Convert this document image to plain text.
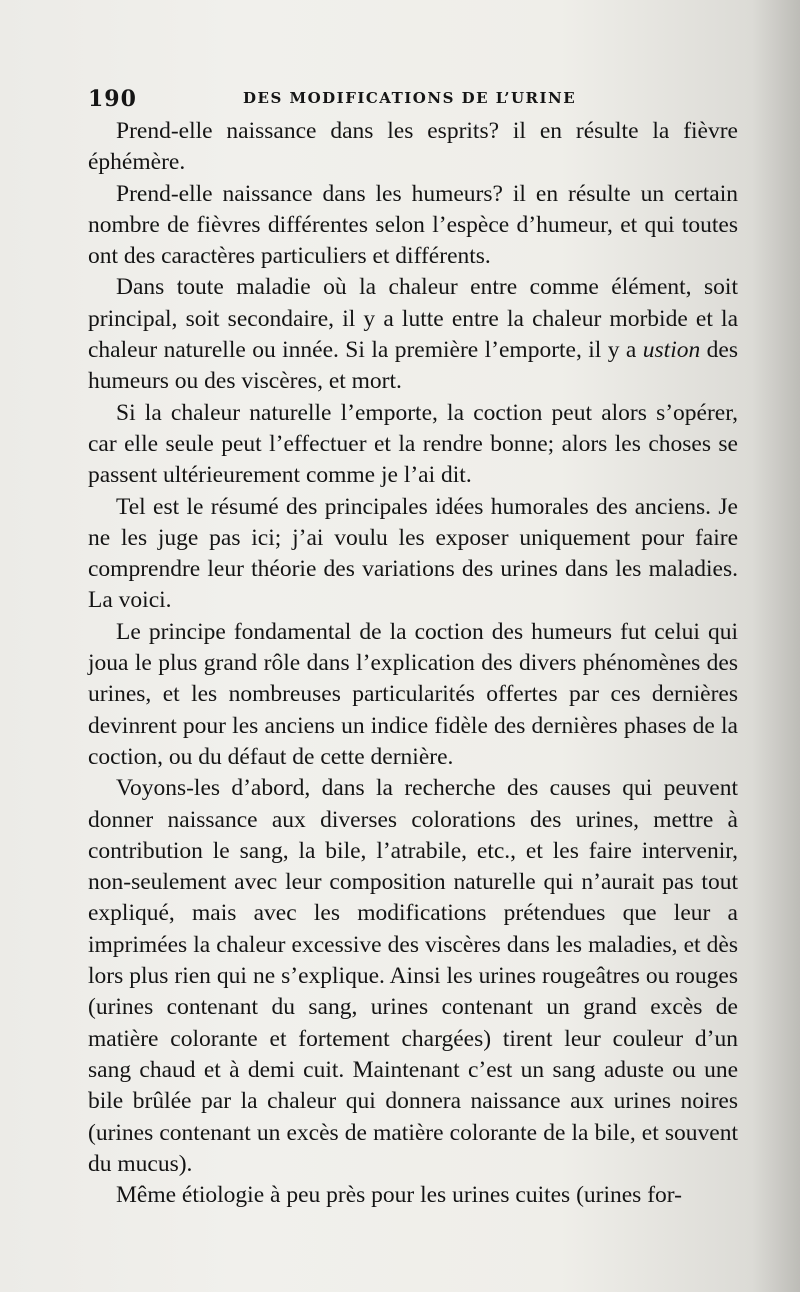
190	DES MODIFICATIONS DE L’URINE

Prend-elle naissance dans les esprits? il en résulte la fièvre éphémère.

Prend-elle naissance dans les humeurs? il en résulte un certain nombre de fièvres différentes selon l’espèce d’humeur, et qui toutes ont des caractères particuliers et différents.

Dans toute maladie où la chaleur entre comme élément, soit principal, soit secondaire, il y a lutte entre la chaleur morbide et la chaleur naturelle ou innée. Si la première l’emporte, il y a ustion des humeurs ou des viscères, et mort.

Si la chaleur naturelle l’emporte, la coction peut alors s’opérer, car elle seule peut l’effectuer et la rendre bonne; alors les choses se passent ultérieurement comme je l’ai dit.

Tel est le résumé des principales idées humorales des anciens. Je ne les juge pas ici; j’ai voulu les exposer uniquement pour faire comprendre leur théorie des variations des urines dans les maladies. La voici.

Le principe fondamental de la coction des humeurs fut celui qui joua le plus grand rôle dans l’explication des divers phénomènes des urines, et les nombreuses particularités offertes par ces dernières devinrent pour les anciens un indice fidèle des dernières phases de la coction, ou du défaut de cette dernière.

Voyons-les d’abord, dans la recherche des causes qui peuvent donner naissance aux diverses colorations des urines, mettre à contribution le sang, la bile, l’atrabile, etc., et les faire intervenir, non-seulement avec leur composition naturelle qui n’aurait pas tout expliqué, mais avec les modifications prétendues que leur a imprimées la chaleur excessive des viscères dans les maladies, et dès lors plus rien qui ne s’explique. Ainsi les urines rougeâtres ou rouges (urines contenant du sang, urines contenant un grand excès de matière colorante et fortement chargées) tirent leur couleur d’un sang chaud et à demi cuit. Maintenant c’est un sang aduste ou une bile brûlée par la chaleur qui donnera naissance aux urines noires (urines contenant un excès de matière colorante de la bile, et souvent du mucus).

Même étiologie à peu près pour les urines cuites (urines for-
